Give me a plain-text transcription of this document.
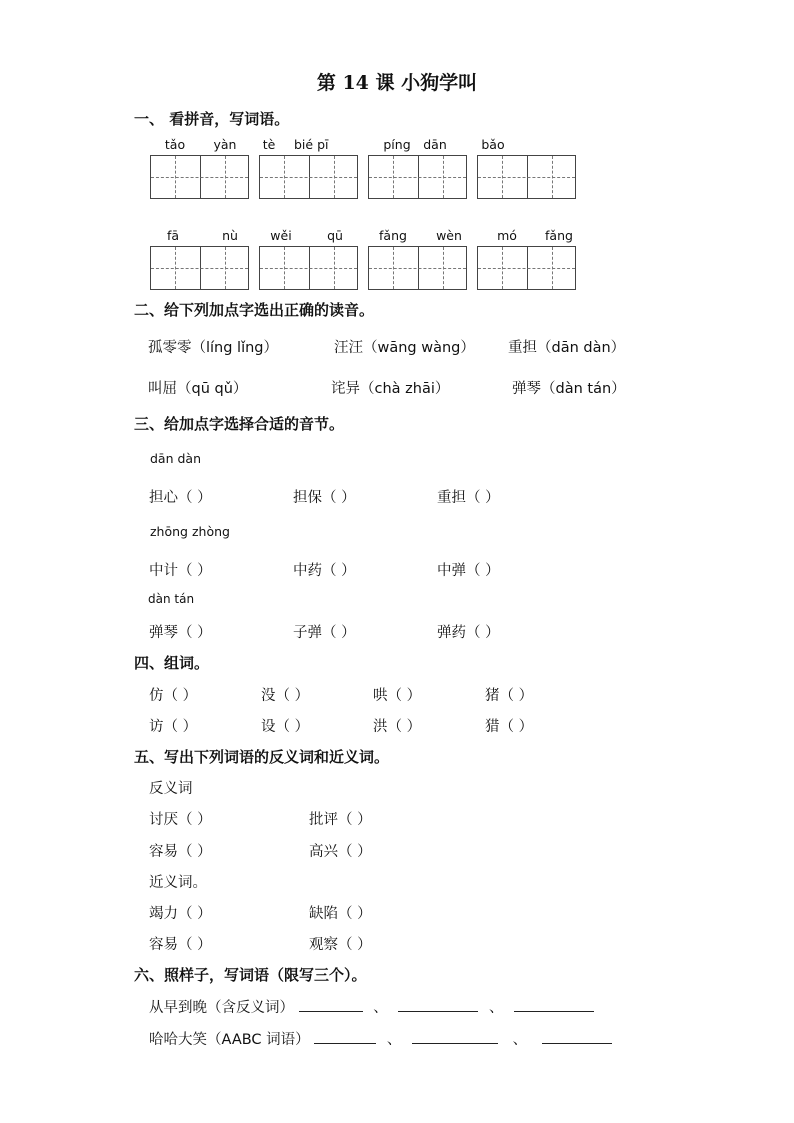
第 14 课 小狗学叫
一、 看拼音，写词语。
tǎo	yàn	tè	bié pī	píng	dān	bǎo
fā	nù	wěi	qū	fǎng	wèn	mó	fǎng
二、给下列加点字选出正确的读音。
孤零零（líng lǐng）	汪汪（wāng wàng） 重担（dān dàn）
叫屈（qū qǔ）	诧异（chà zhāi）	弹琴（dàn tán）
三、给加点字选择合适的音节。
dān dàn
担心（ ）	担保（ ）	重担（ ）
zhōng zhòng
中计（ ）	中药（ ）	中弹（ ）
dàn tán
弹琴（ ）	子弹（ ）	弹药（ ）
四、组词。
仿（ ）	没（ ）	哄（ ）	猪（ ）
访（ ）	设（ ）	洪（ ）	猎（ ）
五、写出下列词语的反义词和近义词。
反义词
讨厌（ ）	批评（ ）
容易（ ）	高兴（ ）
近义词。
竭力（ ）	缺陷（ ）
容易（ ）	观察（ ）
六、照样子，写词语（限写三个）。
从早到晚（含反义词）	、	、
哈哈大笑（AABC 词语）	、	、
